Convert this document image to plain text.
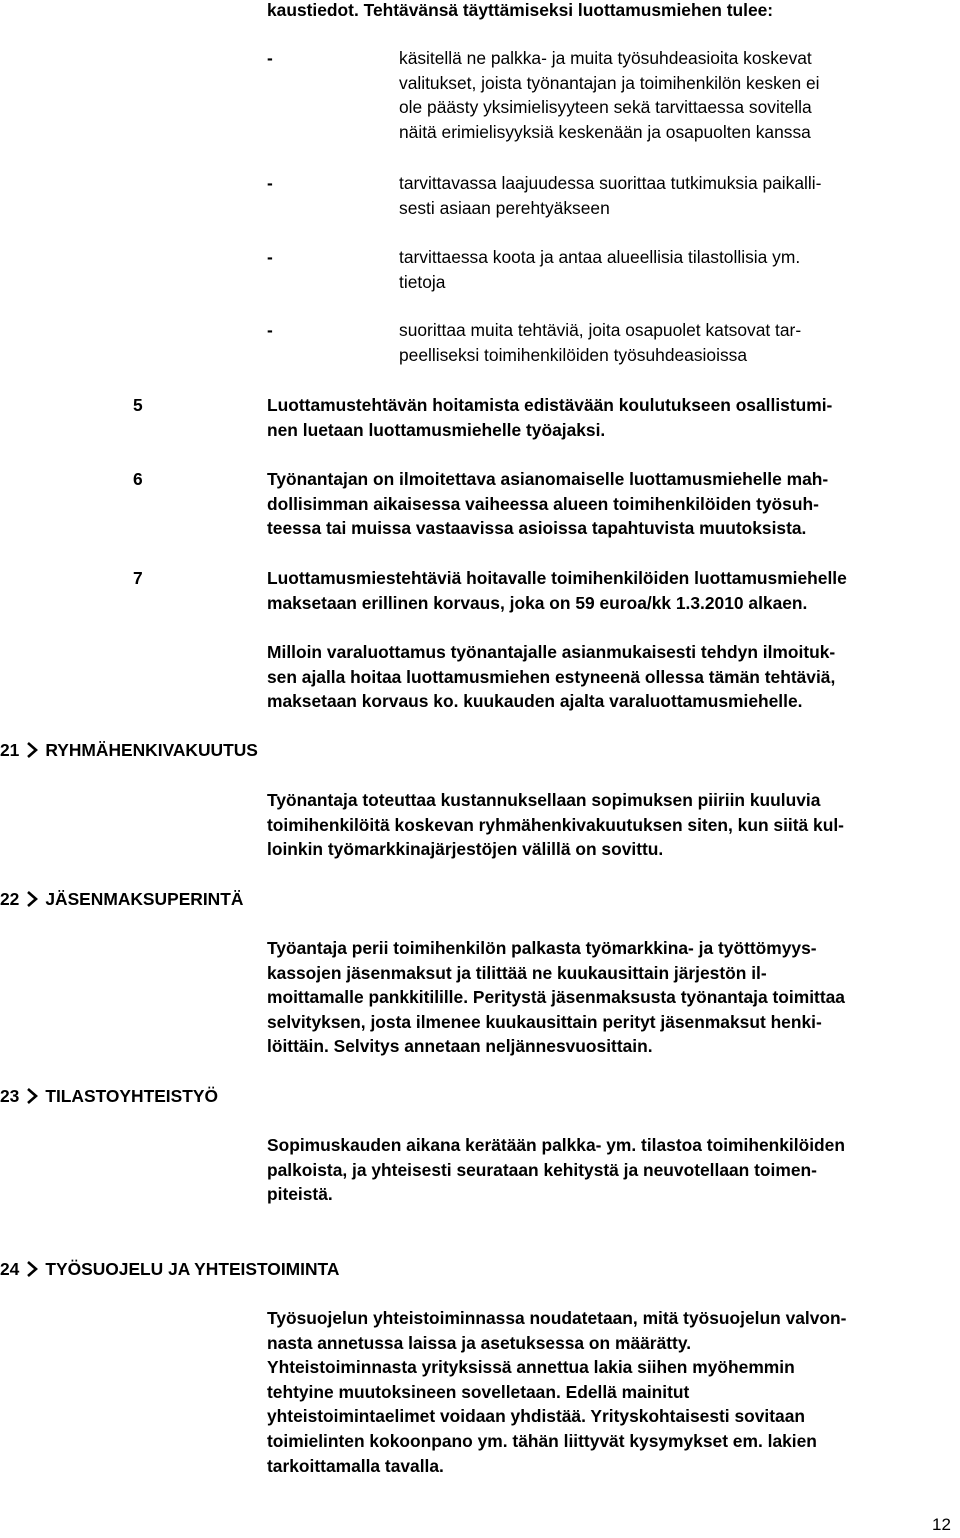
kaustiedot. Tehtävänsä täyttämiseksi luottamusmiehen tulee:
-	käsitellä ne palkka- ja muita työsuhdeasioita koskevat
valitukset, joista työnantajan ja toimihenkilön kesken ei
ole päästy yksimielisyyteen sekä tarvittaessa sovitella
näitä erimielisyyksiä keskenään ja osapuolten kanssa
-	tarvittavassa laajuudessa suorittaa tutkimuksia paikalli-
sesti asiaan perehtyäkseen
-	tarvittaessa koota ja antaa alueellisia tilastollisia ym.
tietoja
-	suorittaa muita tehtäviä, joita osapuolet katsovat tar-
peelliseksi toimihenkilöiden työsuhdeasioissa
5	Luottamustehtävän hoitamista edistävään koulutukseen osallistumi-
nen luetaan luottamusmiehelle työajaksi.
6	Työnantajan on ilmoitettava asianomaiselle luottamusmiehelle mah-
dollisimman aikaisessa vaiheessa alueen toimihenkilöiden työsuh-
teessa tai muissa vastaavissa asioissa tapahtuvista muutoksista.
7	Luottamusmiestehtäviä hoitavalle toimihenkilöiden luottamusmiehelle
maksetaan erillinen korvaus, joka on 59 euroa/kk 1.3.2010 alkaen.
Milloin varaluottamus työnantajalle asianmukaisesti tehdyn ilmoituk-
sen ajalla hoitaa luottamusmiehen estyneenä ollessa tämän tehtäviä,
maksetaan korvaus ko. kuukauden ajalta varaluottamusmiehelle.
21 RYHMÄHENKIVAKUUTUS
Työnantaja toteuttaa kustannuksellaan sopimuksen piiriin kuuluvia
toimihenkilöitä koskevan ryhmähenkivakuutuksen siten, kun siitä kul-
loinkin työmarkkinajärjestöjen välillä on sovittu.
22 JÄSENMAKSUPERINTÄ
Työantaja perii toimihenkilön palkasta työmarkkina- ja työttömyys-
kassojen jäsenmaksut ja tilittää ne kuukausittain järjestön il-
moittamalle pankkitilille. Peritystä jäsenmaksusta työnantaja toimittaa
selvityksen, josta ilmenee kuukausittain perityt jäsenmaksut henki-
löittäin. Selvitys annetaan neljännesvuosittain.
23 TILASTOYHTEISTYÖ
Sopimuskauden aikana kerätään palkka- ym. tilastoa toimihenkilöiden
palkoista, ja yhteisesti seurataan kehitystä ja neuvotellaan toimen-
piteistä.
24 TYÖSUOJELU JA YHTEISTOIMINTA
Työsuojelun yhteistoiminnassa noudatetaan, mitä työsuojelun valvon-
nasta annetussa laissa ja asetuksessa on määrätty.
Yhteistoiminnasta yrityksissä annettua lakia siihen myöhemmin
tehtyine muutoksineen sovelletaan. Edellä mainitut
yhteistoimintaelimet voidaan yhdistää. Yrityskohtaisesti sovitaan
toimielinten kokoonpano ym. tähän liittyvät kysymykset em. lakien
tarkoittamalla tavalla.
12
